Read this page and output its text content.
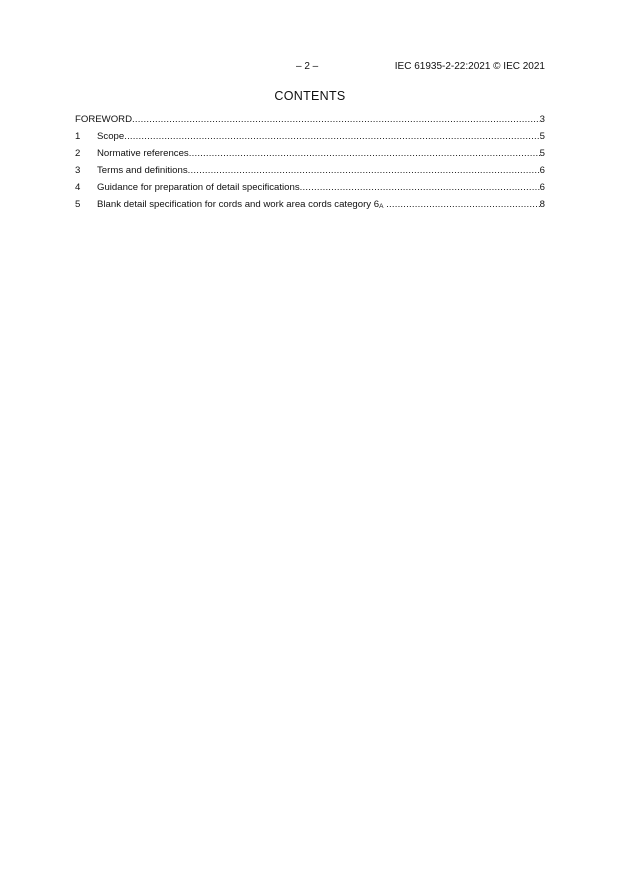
– 2 –	IEC 61935-2-22:2021 © IEC 2021
CONTENTS
FOREWORD .....	3
1	Scope .....	5
2	Normative references .....	5
3	Terms and definitions .....	6
4	Guidance for preparation of detail specifications .....	6
5	Blank detail specification for cords and work area cords category 6A .....	8
